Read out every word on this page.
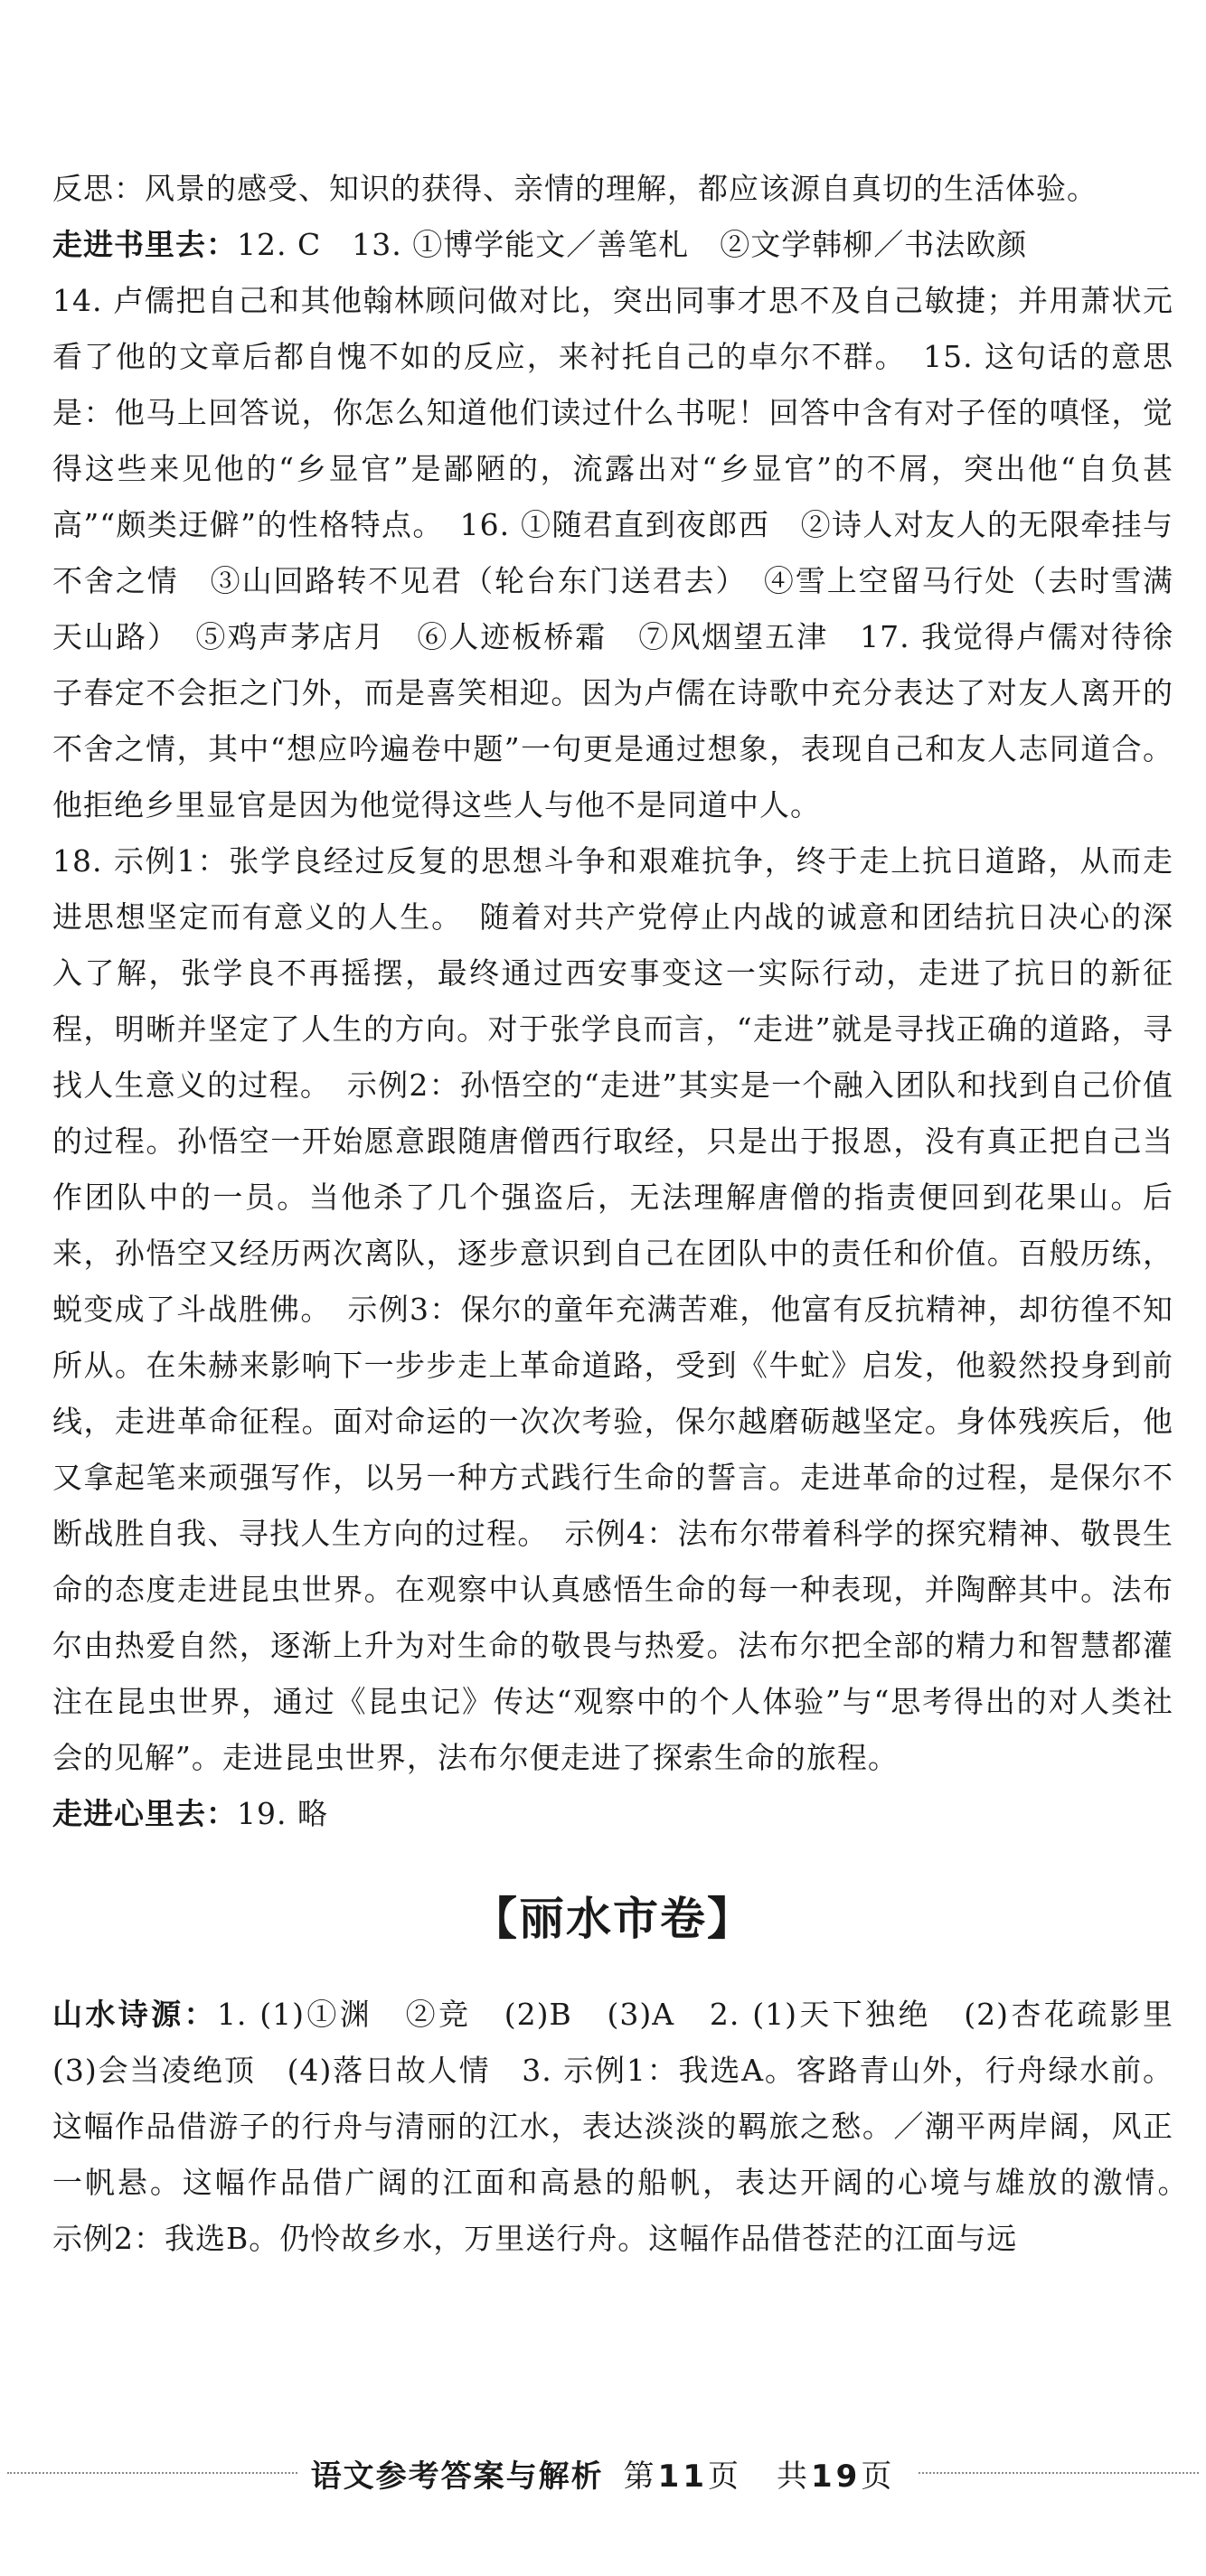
反思：风景的感受、知识的获得、亲情的理解，都应该源自真切的生活体验。

走进书里去：12. C　13. ①博学能文／善笔札　②文学韩柳／书法欧颜

14. 卢儒把自己和其他翰林顾问做对比，突出同事才思不及自己敏捷；并用萧状元看了他的文章后都自愧不如的反应，来衬托自己的卓尔不群。　15. 这句话的意思是：他马上回答说，你怎么知道他们读过什么书呢！回答中含有对子侄的嗔怪，觉得这些来见他的“乡显官”是鄙陋的，流露出对“乡显官”的不屑，突出他“自负甚高”“颇类迂僻”的性格特点。　16. ①随君直到夜郎西　②诗人对友人的无限牵挂与不舍之情　③山回路转不见君（轮台东门送君去）　④雪上空留马行处（去时雪满天山路）　⑤鸡声茅店月　⑥人迹板桥霜　⑦风烟望五津　17. 我觉得卢儒对待徐子春定不会拒之门外，而是喜笑相迎。因为卢儒在诗歌中充分表达了对友人离开的不舍之情，其中“想应吟遍卷中题”一句更是通过想象，表现自己和友人志同道合。他拒绝乡里显官是因为他觉得这些人与他不是同道中人。

18. 示例1：张学良经过反复的思想斗争和艰难抗争，终于走上抗日道路，从而走进思想坚定而有意义的人生。　随着对共产党停止内战的诚意和团结抗日决心的深入了解，张学良不再摇摆，最终通过西安事变这一实际行动，走进了抗日的新征程，明晰并坚定了人生的方向。对于张学良而言，“走进”就是寻找正确的道路，寻找人生意义的过程。　示例2：孙悟空的“走进”其实是一个融入团队和找到自己价值的过程。孙悟空一开始愿意跟随唐僧西行取经，只是出于报恩，没有真正把自己当作团队中的一员。当他杀了几个强盗后，无法理解唐僧的指责便回到花果山。后来，孙悟空又经历两次离队，逐步意识到自己在团队中的责任和价值。百般历练，蜕变成了斗战胜佛。　示例3：保尔的童年充满苦难，他富有反抗精神，却彷徨不知所从。在朱赫来影响下一步步走上革命道路，受到《牛虻》启发，他毅然投身到前线，走进革命征程。面对命运的一次次考验，保尔越磨砺越坚定。身体残疾后，他又拿起笔来顽强写作，以另一种方式践行生命的誓言。走进革命的过程，是保尔不断战胜自我、寻找人生方向的过程。　示例4：法布尔带着科学的探究精神、敬畏生命的态度走进昆虫世界。在观察中认真感悟生命的每一种表现，并陶醉其中。法布尔由热爱自然，逐渐上升为对生命的敬畏与热爱。法布尔把全部的精力和智慧都灌注在昆虫世界，通过《昆虫记》传达“观察中的个人体验”与“思考得出的对人类社会的见解”。走进昆虫世界，法布尔便走进了探索生命的旅程。

走进心里去：19. 略

【丽水市卷】

山水诗源：1. (1)①渊　②竞　(2)B　(3)A　2. (1)天下独绝　(2)杏花疏影里　(3)会当凌绝顶　(4)落日故人情　3. 示例1：我选A。客路青山外，行舟绿水前。这幅作品借游子的行舟与清丽的江水，表达淡淡的羁旅之愁。／潮平两岸阔，风正一帆悬。这幅作品借广阔的江面和高悬的船帆，表达开阔的心境与雄放的激情。　示例2：我选B。仍怜故乡水，万里送行舟。这幅作品借苍茫的江面与远

语文参考答案与解析 第11页　共19页
